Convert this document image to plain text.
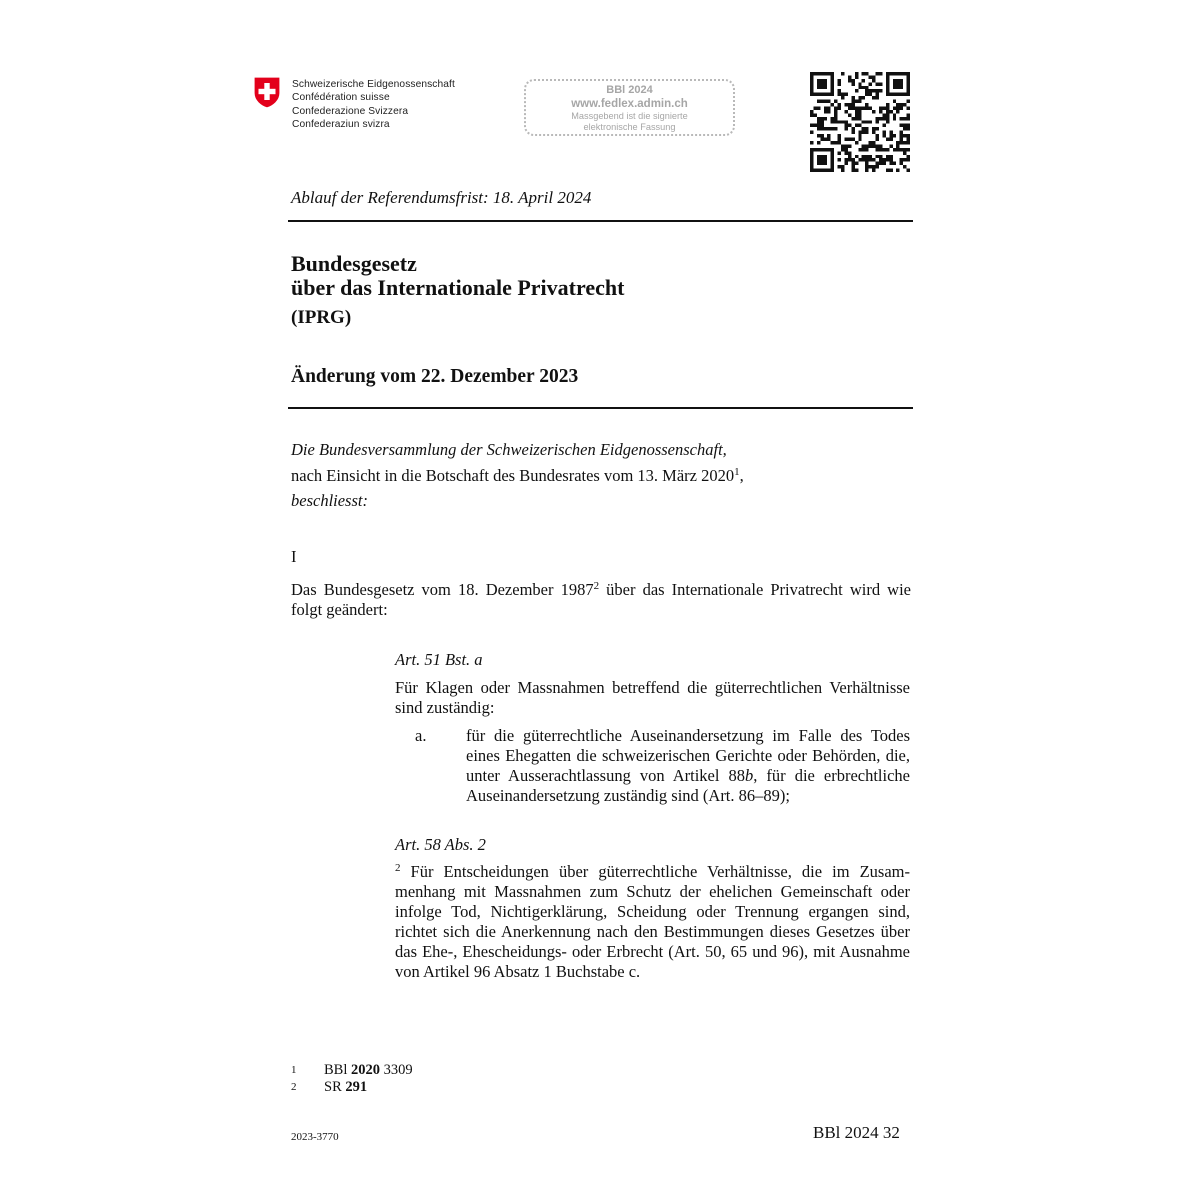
Schweizerische Eidgenossenschaft
Confédération suisse
Confederazione Svizzera
Confederaziun svizra
BBl 2024
www.fedlex.admin.ch
Massgebend ist die signierte
elektronische Fassung
Ablauf der Referendumsfrist: 18. April 2024
Bundesgesetz
über das Internationale Privatrecht
(IPRG)
Änderung vom 22. Dezember 2023
Die Bundesversammlung der Schweizerischen Eidgenossenschaft,
nach Einsicht in die Botschaft des Bundesrates vom 13. März 2020$^1$,
beschliesst:
I
Das Bundesgesetz vom 18. Dezember 1987$^2$ über das Internationale Privatrecht wird wie folgt geändert:
Art. 51 Bst. a
Für Klagen oder Massnahmen betreffend die güterrechtlichen Verhältnisse sind zuständig:
a. für die güterrechtliche Auseinandersetzung im Falle des Todes eines Ehegatten die schweizerischen Gerichte oder Behörden, die, unter Ausserachtlassung von Artikel 88b, für die erbrechtliche Auseinandersetzung zuständig sind (Art. 86–89);
Art. 58 Abs. 2
$^2$ Für Entscheidungen über güterrechtliche Verhältnisse, die im Zusammenhang mit Massnahmen zum Schutz der ehelichen Gemeinschaft oder infolge Tod, Nichtigerklärung, Scheidung oder Trennung ergangen sind, richtet sich die Anerkennung nach den Bestimmungen dieses Gesetzes über das Ehe-, Ehescheidungs- oder Erbrecht (Art. 50, 65 und 96), mit Ausnahme von Artikel 96 Absatz 1 Buchstabe c.
1 BBl 2020 3309
2 SR 291
2023-3770	BBl 2024 32
